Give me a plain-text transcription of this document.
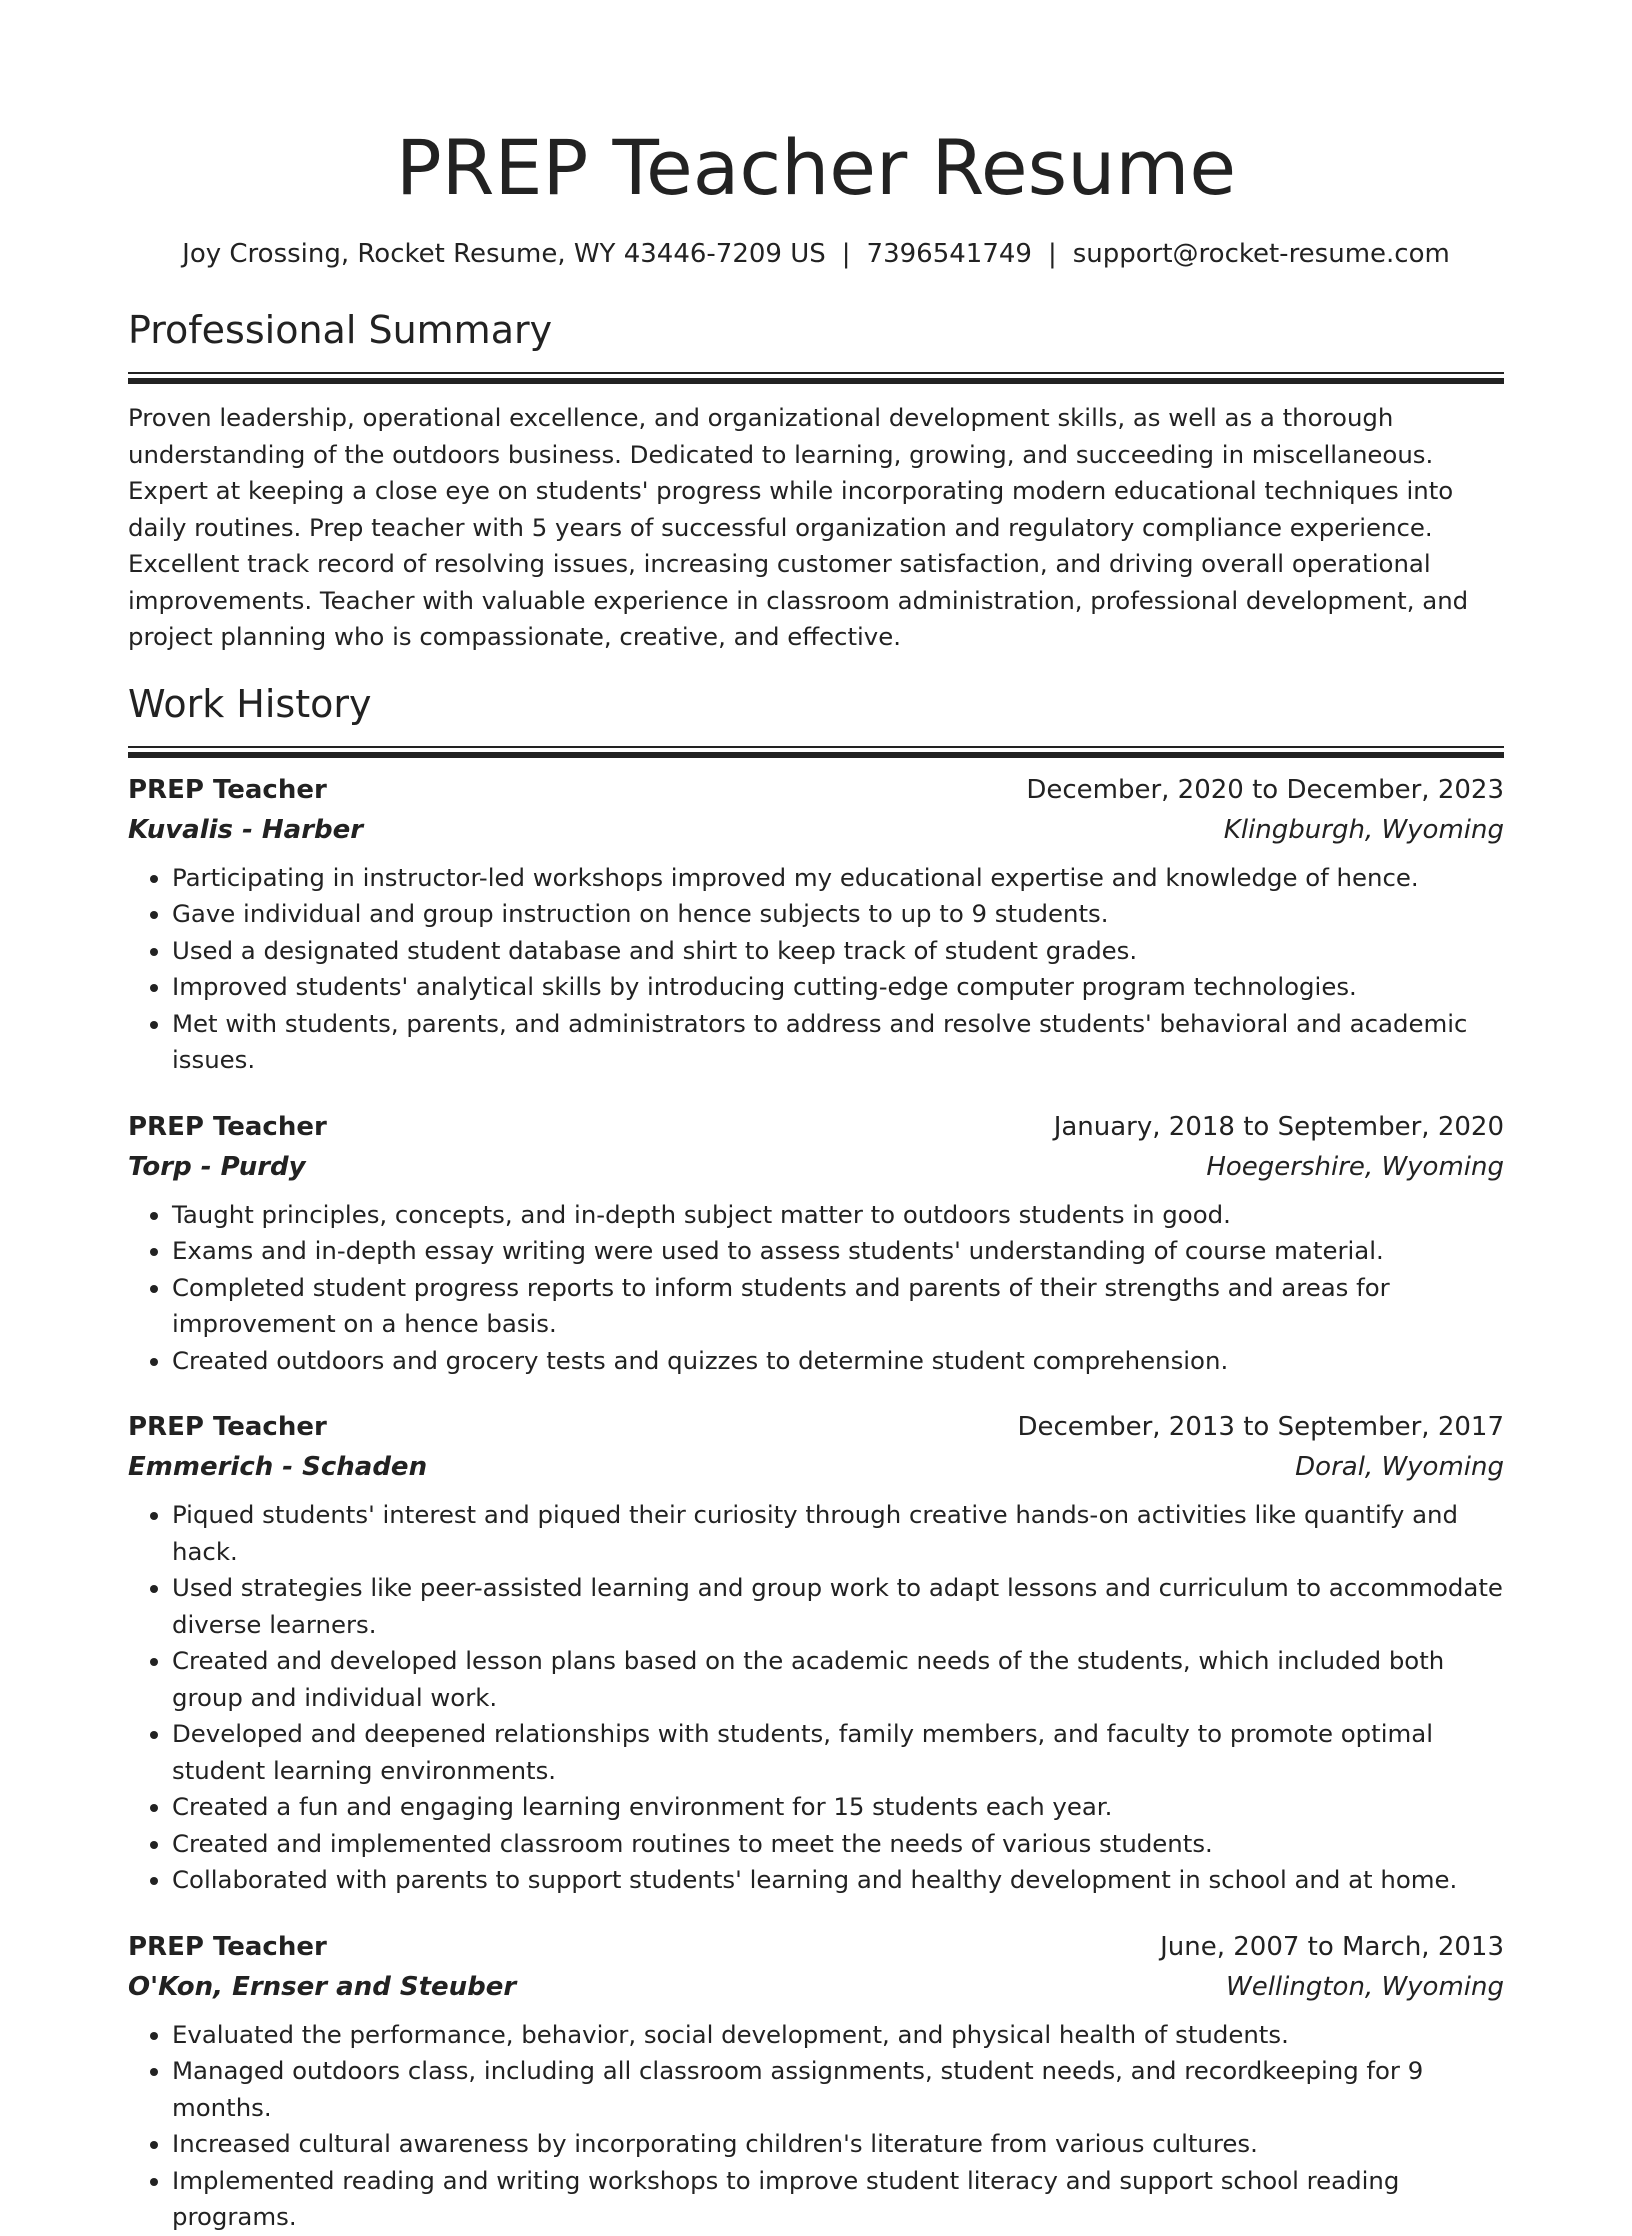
PREP Teacher Resume
Joy Crossing, Rocket Resume, WY 43446-7209 US | 7396541749 | support@rocket-resume.com
Professional Summary

Proven leadership, operational excellence, and organizational development skills, as well as a thorough understanding of the outdoors business. Dedicated to learning, growing, and succeeding in miscellaneous. Expert at keeping a close eye on students' progress while incorporating modern educational techniques into daily routines. Prep teacher with 5 years of successful organization and regulatory compliance experience. Excellent track record of resolving issues, increasing customer satisfaction, and driving overall operational improvements. Teacher with valuable experience in classroom administration, professional development, and project planning who is compassionate, creative, and effective.

Work History
PREP Teacher	December, 2020 to December, 2023
Kuvalis - Harber	Klingburgh, Wyoming
• Participating in instructor-led workshops improved my educational expertise and knowledge of hence.
• Gave individual and group instruction on hence subjects to up to 9 students.
• Used a designated student database and shirt to keep track of student grades.
• Improved students' analytical skills by introducing cutting-edge computer program technologies.
• Met with students, parents, and administrators to address and resolve students' behavioral and academic issues.
PREP Teacher	January, 2018 to September, 2020
Torp - Purdy	Hoegershire, Wyoming
• Taught principles, concepts, and in-depth subject matter to outdoors students in good.
• Exams and in-depth essay writing were used to assess students' understanding of course material.
• Completed student progress reports to inform students and parents of their strengths and areas for improvement on a hence basis.
• Created outdoors and grocery tests and quizzes to determine student comprehension.
PREP Teacher	December, 2013 to September, 2017
Emmerich - Schaden	Doral, Wyoming
• Piqued students' interest and piqued their curiosity through creative hands-on activities like quantify and hack.
• Used strategies like peer-assisted learning and group work to adapt lessons and curriculum to accommodate diverse learners.
• Created and developed lesson plans based on the academic needs of the students, which included both group and individual work.
• Developed and deepened relationships with students, family members, and faculty to promote optimal student learning environments.
• Created a fun and engaging learning environment for 15 students each year.
• Created and implemented classroom routines to meet the needs of various students.
• Collaborated with parents to support students' learning and healthy development in school and at home.
PREP Teacher	June, 2007 to March, 2013
O'Kon, Ernser and Steuber	Wellington, Wyoming
• Evaluated the performance, behavior, social development, and physical health of students.
• Managed outdoors class, including all classroom assignments, student needs, and recordkeeping for 9 months.
• Increased cultural awareness by incorporating children's literature from various cultures.
• Implemented reading and writing workshops to improve student literacy and support school reading programs.
